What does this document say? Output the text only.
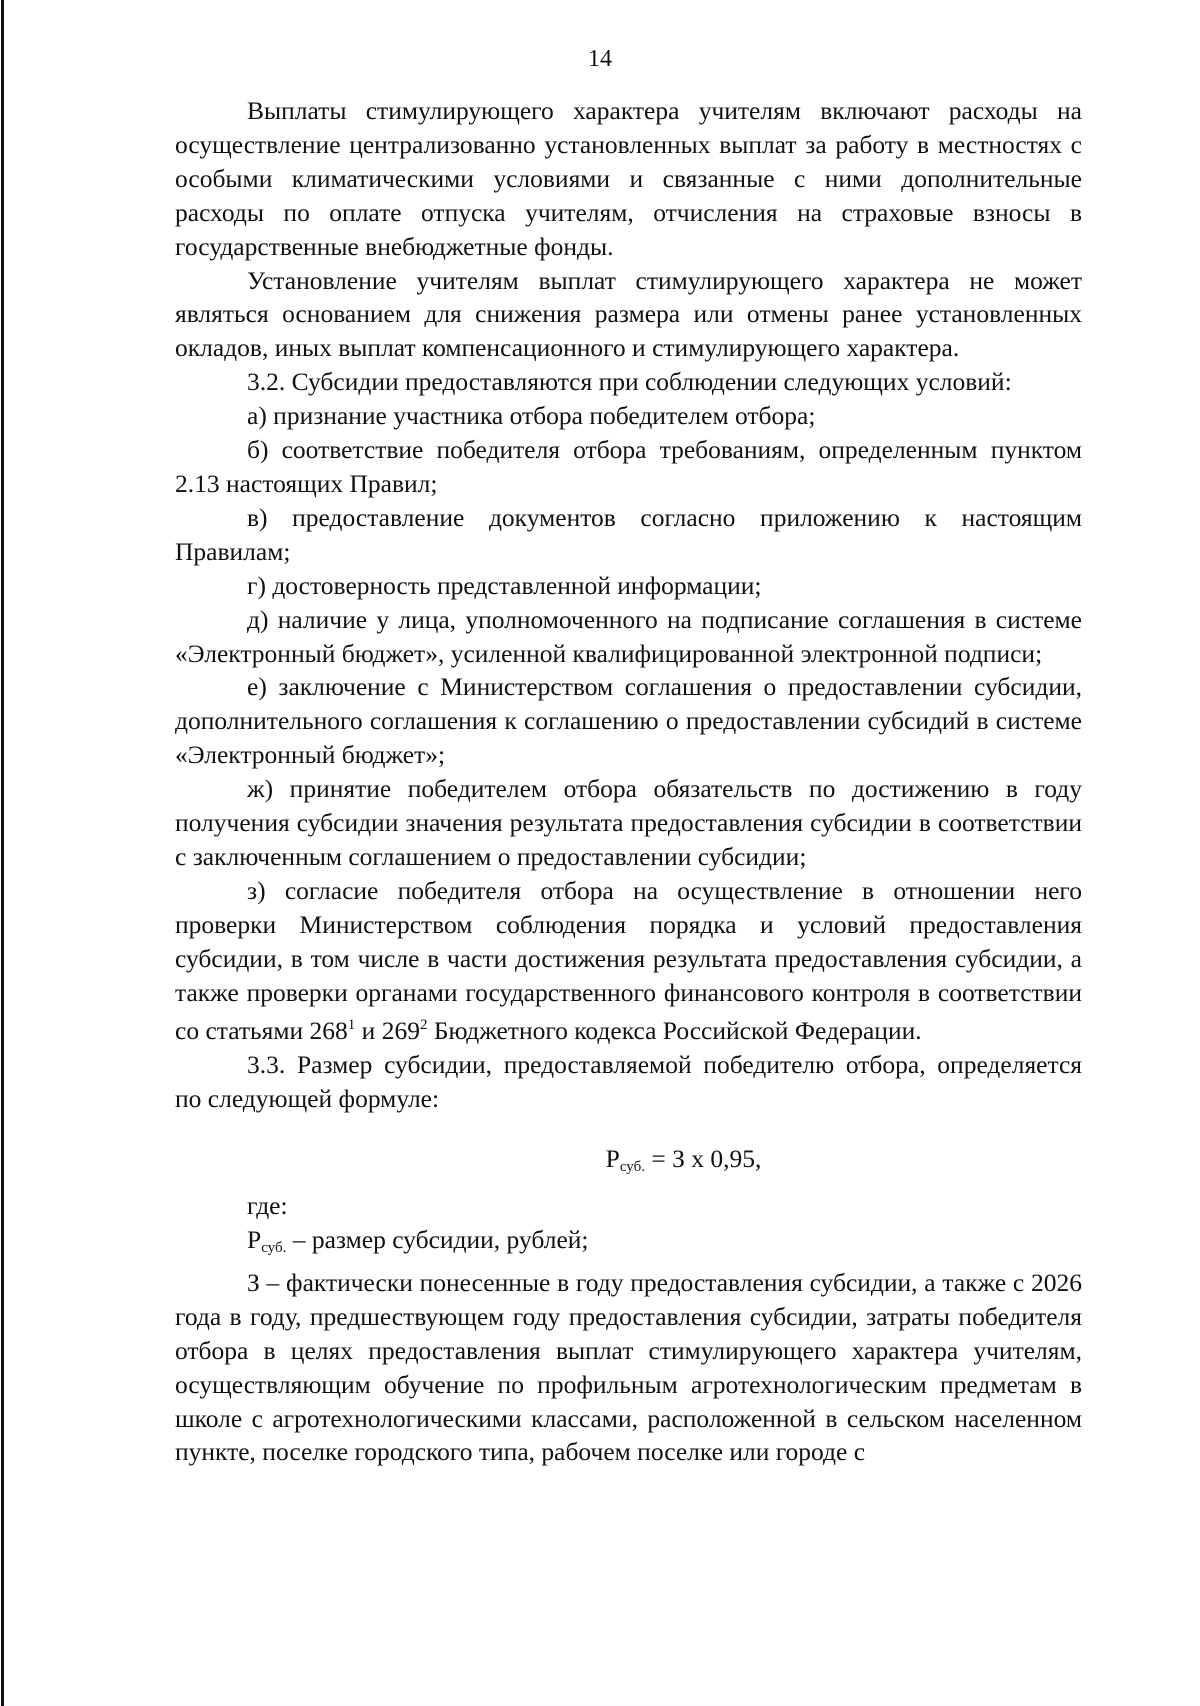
14

Выплаты стимулирующего характера учителям включают расходы на осуществление централизованно установленных выплат за работу в местностях с особыми климатическими условиями и связанные с ними дополнительные расходы по оплате отпуска учителям, отчисления на страховые взносы в государственные внебюджетные фонды.

Установление учителям выплат стимулирующего характера не может являться основанием для снижения размера или отмены ранее установленных окладов, иных выплат компенсационного и стимулирующего характера.

3.2. Субсидии предоставляются при соблюдении следующих условий:

а) признание участника отбора победителем отбора;

б) соответствие победителя отбора требованиям, определенным пунктом 2.13 настоящих Правил;

в) предоставление документов согласно приложению к настоящим Правилам;

г) достоверность представленной информации;

д) наличие у лица, уполномоченного на подписание соглашения в системе «Электронный бюджет», усиленной квалифицированной электронной подписи;

е) заключение с Министерством соглашения о предоставлении субсидии, дополнительного соглашения к соглашению о предоставлении субсидий в системе «Электронный бюджет»;

ж) принятие победителем отбора обязательств по достижению в году получения субсидии значения результата предоставления субсидии в соответствии с заключенным соглашением о предоставлении субсидии;

з) согласие победителя отбора на осуществление в отношении него проверки Министерством соблюдения порядка и условий предоставления субсидии, в том числе в части достижения результата предоставления субсидии, а также проверки органами государственного финансового контроля в соответствии со статьями $268^1$ и $269^2$ Бюджетного кодекса Российской Федерации.

3.3. Размер субсидии, предоставляемой победителю отбора, определяется по следующей формуле:

$Р_{суб.} = З$ х 0,95,

где:

$Р_{суб.}$ – размер субсидии, рублей;

З – фактически понесенные в году предоставления субсидии, а также с 2026 года в году, предшествующем году предоставления субсидии, затраты победителя отбора в целях предоставления выплат стимулирующего характера учителям, осуществляющим обучение по профильным агротехнологическим предметам в школе с агротехнологическими классами, расположенной в сельском населенном пункте, поселке городского типа, рабочем поселке или городе с
